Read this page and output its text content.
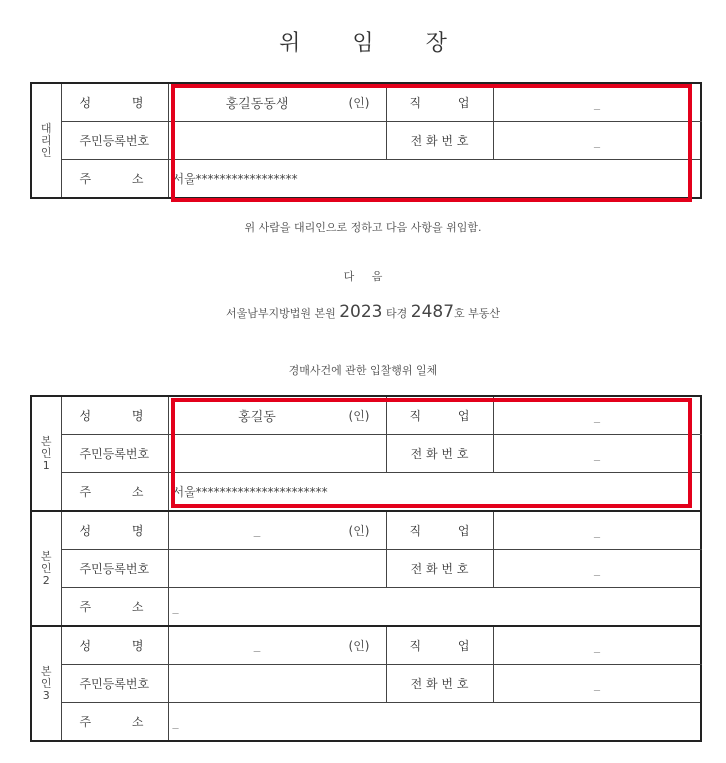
위 임 장
대
리
인	성 명	홍길동동생 (인)	직 업	_	
	주민등록번호		전 화 번 호	_	

	주 소	서울*****************			
위 사람을 대리인으로 정하고 다음 사항을 위임함.
다 음
서울남부지방법원 본원 2023 타경 2487호 부동산
경매사건에 관한 입찰행위 일체
본
인
1	성 명	홍길동 (인)	직 업	_
	주민등록번호		전 화 번 호	_

	주 소	서울**********************		
본
인
2	성 명	_ (인)	직 업	_
	주민등록번호		전 화 번 호	_

	주 소	_		
본
인
3	성 명	_ (인)	직 업	_
	주민등록번호		전 화 번 호	_

	주 소	_		
